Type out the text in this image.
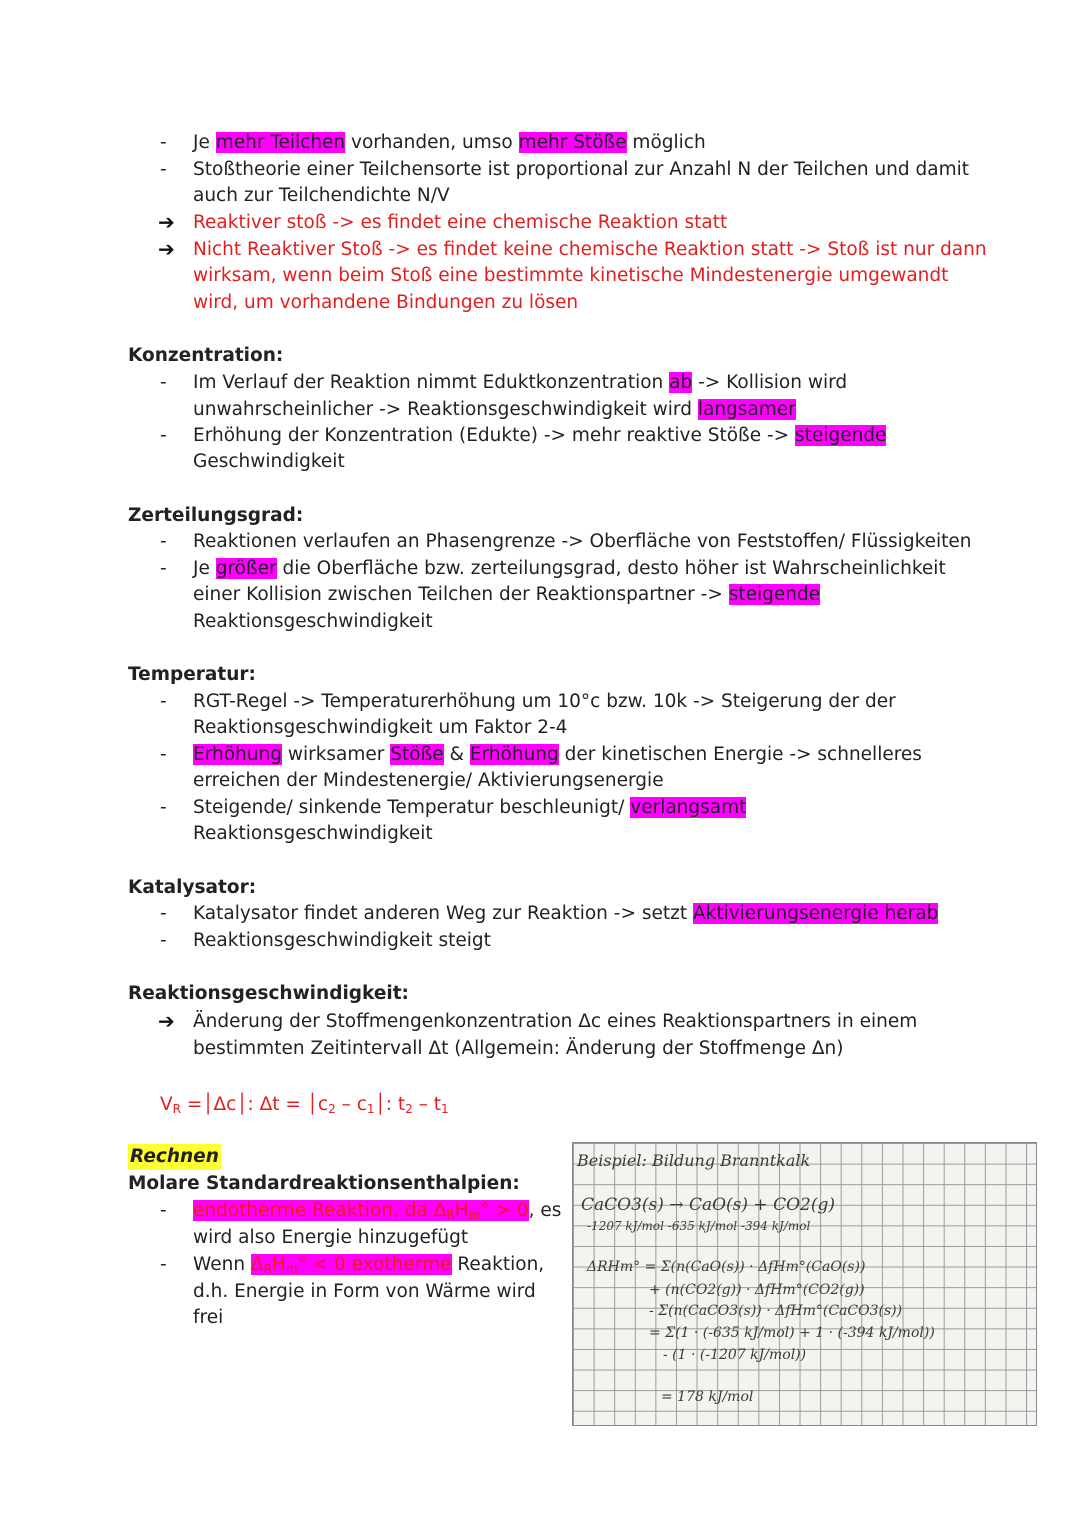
- Je mehr Teilchen vorhanden, umso mehr Stöße möglich
- Stoßtheorie einer Teilchensorte ist proportional zur Anzahl N der Teilchen und damit
auch zur Teilchendichte N/V
➔ Reaktiver stoß -> es findet eine chemische Reaktion statt
➔ Nicht Reaktiver Stoß -> es findet keine chemische Reaktion statt -> Stoß ist nur dann
wirksam, wenn beim Stoß eine bestimmte kinetische Mindestenergie umgewandt
wird, um vorhandene Bindungen zu lösen
Konzentration:
- Im Verlauf der Reaktion nimmt Eduktkonzentration ab -> Kollision wird
unwahrscheinlicher -> Reaktionsgeschwindigkeit wird langsamer
- Erhöhung der Konzentration (Edukte) -> mehr reaktive Stöße -> steigende
Geschwindigkeit
Zerteilungsgrad:
- Reaktionen verlaufen an Phasengrenze -> Oberfläche von Feststoffen/ Flüssigkeiten
- Je größer die Oberfläche bzw. zerteilungsgrad, desto höher ist Wahrscheinlichkeit
einer Kollision zwischen Teilchen der Reaktionspartner -> steigende
Reaktionsgeschwindigkeit
Temperatur:
- RGT-Regel -> Temperaturerhöhung um 10°c bzw. 10k -> Steigerung der der
Reaktionsgeschwindigkeit um Faktor 2-4
- Erhöhung wirksamer Stöße & Erhöhung der kinetischen Energie -> schnelleres
erreichen der Mindestenergie/ Aktivierungsenergie
- Steigende/ sinkende Temperatur beschleunigt/ verlangsamt
Reaktionsgeschwindigkeit
Katalysator:
- Katalysator findet anderen Weg zur Reaktion -> setzt Aktivierungsenergie herab
- Reaktionsgeschwindigkeit steigt
Reaktionsgeschwindigkeit:
➔ Änderung der Stoffmengenkonzentration Δc eines Reaktionspartners in einem
bestimmten Zeitintervall Δt (Allgemein: Änderung der Stoffmenge Δn)
$V_R$ =│Δc│: $\Delta t = │c_2$ – $c_1│$: $t_2 - t_1$
Rechnen
Molare Standardreaktionsenthalpien:
- endotherme Reaktion, da $\Delta_RH_m^\circ > 0$, es
wird also Energie hinzugefügt
- Wenn $\Delta_RH_m^\circ < 0$ exotherme Reaktion,
d.h. Energie in Form von Wärme wird
frei
Beispiel: Bildung Branntkalk
CaCO3(s) → CaO(s) + CO2(g)
-1207 kJ/mol -635 kJ/mol -394 kJ/mol
ΔRHm° = Σ(n(CaO(s)) · ΔfHm°(CaO(s))
+ (n(CO2(g)) · ΔfHm°(CO2(g))
- Σ(n(CaCO3(s)) · ΔfHm°(CaCO3(s))
= Σ(1 · (-635 kJ/mol) + 1 · (-394 kJ/mol))
- (1 · (-1207 kJ/mol))
= 178 kJ/mol
